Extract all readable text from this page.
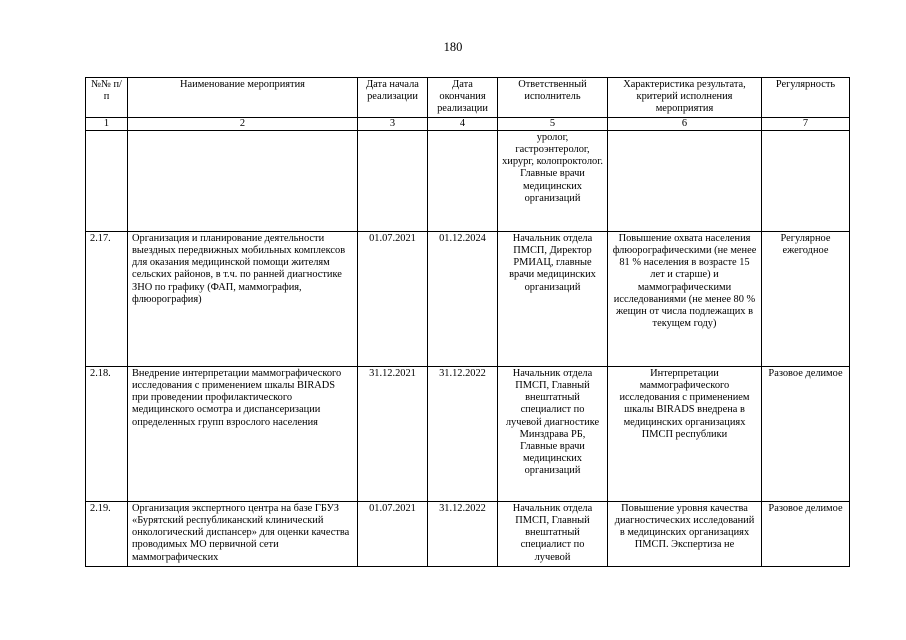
180
№№ п/п	Наименование мероприятия	Дата начала реализации	Дата окончания реализации	Ответственный исполнитель	Характеристика результата, критерий исполнения мероприятия	Регулярность
1	2	3	4	5	6	7
				уролог, гастроэнтеролог, хирург, колопроктолог. Главные врачи медицинских организаций		
2.17.	Организация и планирование деятельности выездных передвижных мобильных комплексов для оказания медицинской помощи жителям сельских районов, в т.ч. по ранней диагностике ЗНО по графику (ФАП, маммография, флюорография)	01.07.2021	01.12.2024	Начальник отдела ПМСП, Директор РМИАЦ, главные врачи медицинских организаций	Повышение охвата населения флюорографическими (не менее 81 % населения в возрасте 15 лет и старше) и маммографическими исследованиями (не менее 80 % жещин от числа подлежащих в текущем году)	Регулярное ежегодное
2.18.	Внедрение интерпретации маммографического исследования с применением шкалы BIRADS при проведении профилактического медицинского осмотра и диспансеризации определенных групп взрослого населения	31.12.2021	31.12.2022	Начальник отдела ПМСП, Главный внештатный специалист по лучевой диагностике Минздрава РБ, Главные врачи медицинских организаций	Интерпретации маммографического исследования с применением шкалы BIRADS внедрена в медицинских организациях ПМСП республики	Разовое делимое
2.19.	Организация экспертного центра на базе ГБУЗ «Бурятский республиканский клинический онкологический диспансер» для оценки качества проводимых МО первичной сети маммографических	01.07.2021	31.12.2022	Начальник отдела ПМСП, Главный внештатный специалист по лучевой	Повышение уровня качества диагностических исследований в медицинских организациях ПМСП. Экспертиза не	Разовое делимое
